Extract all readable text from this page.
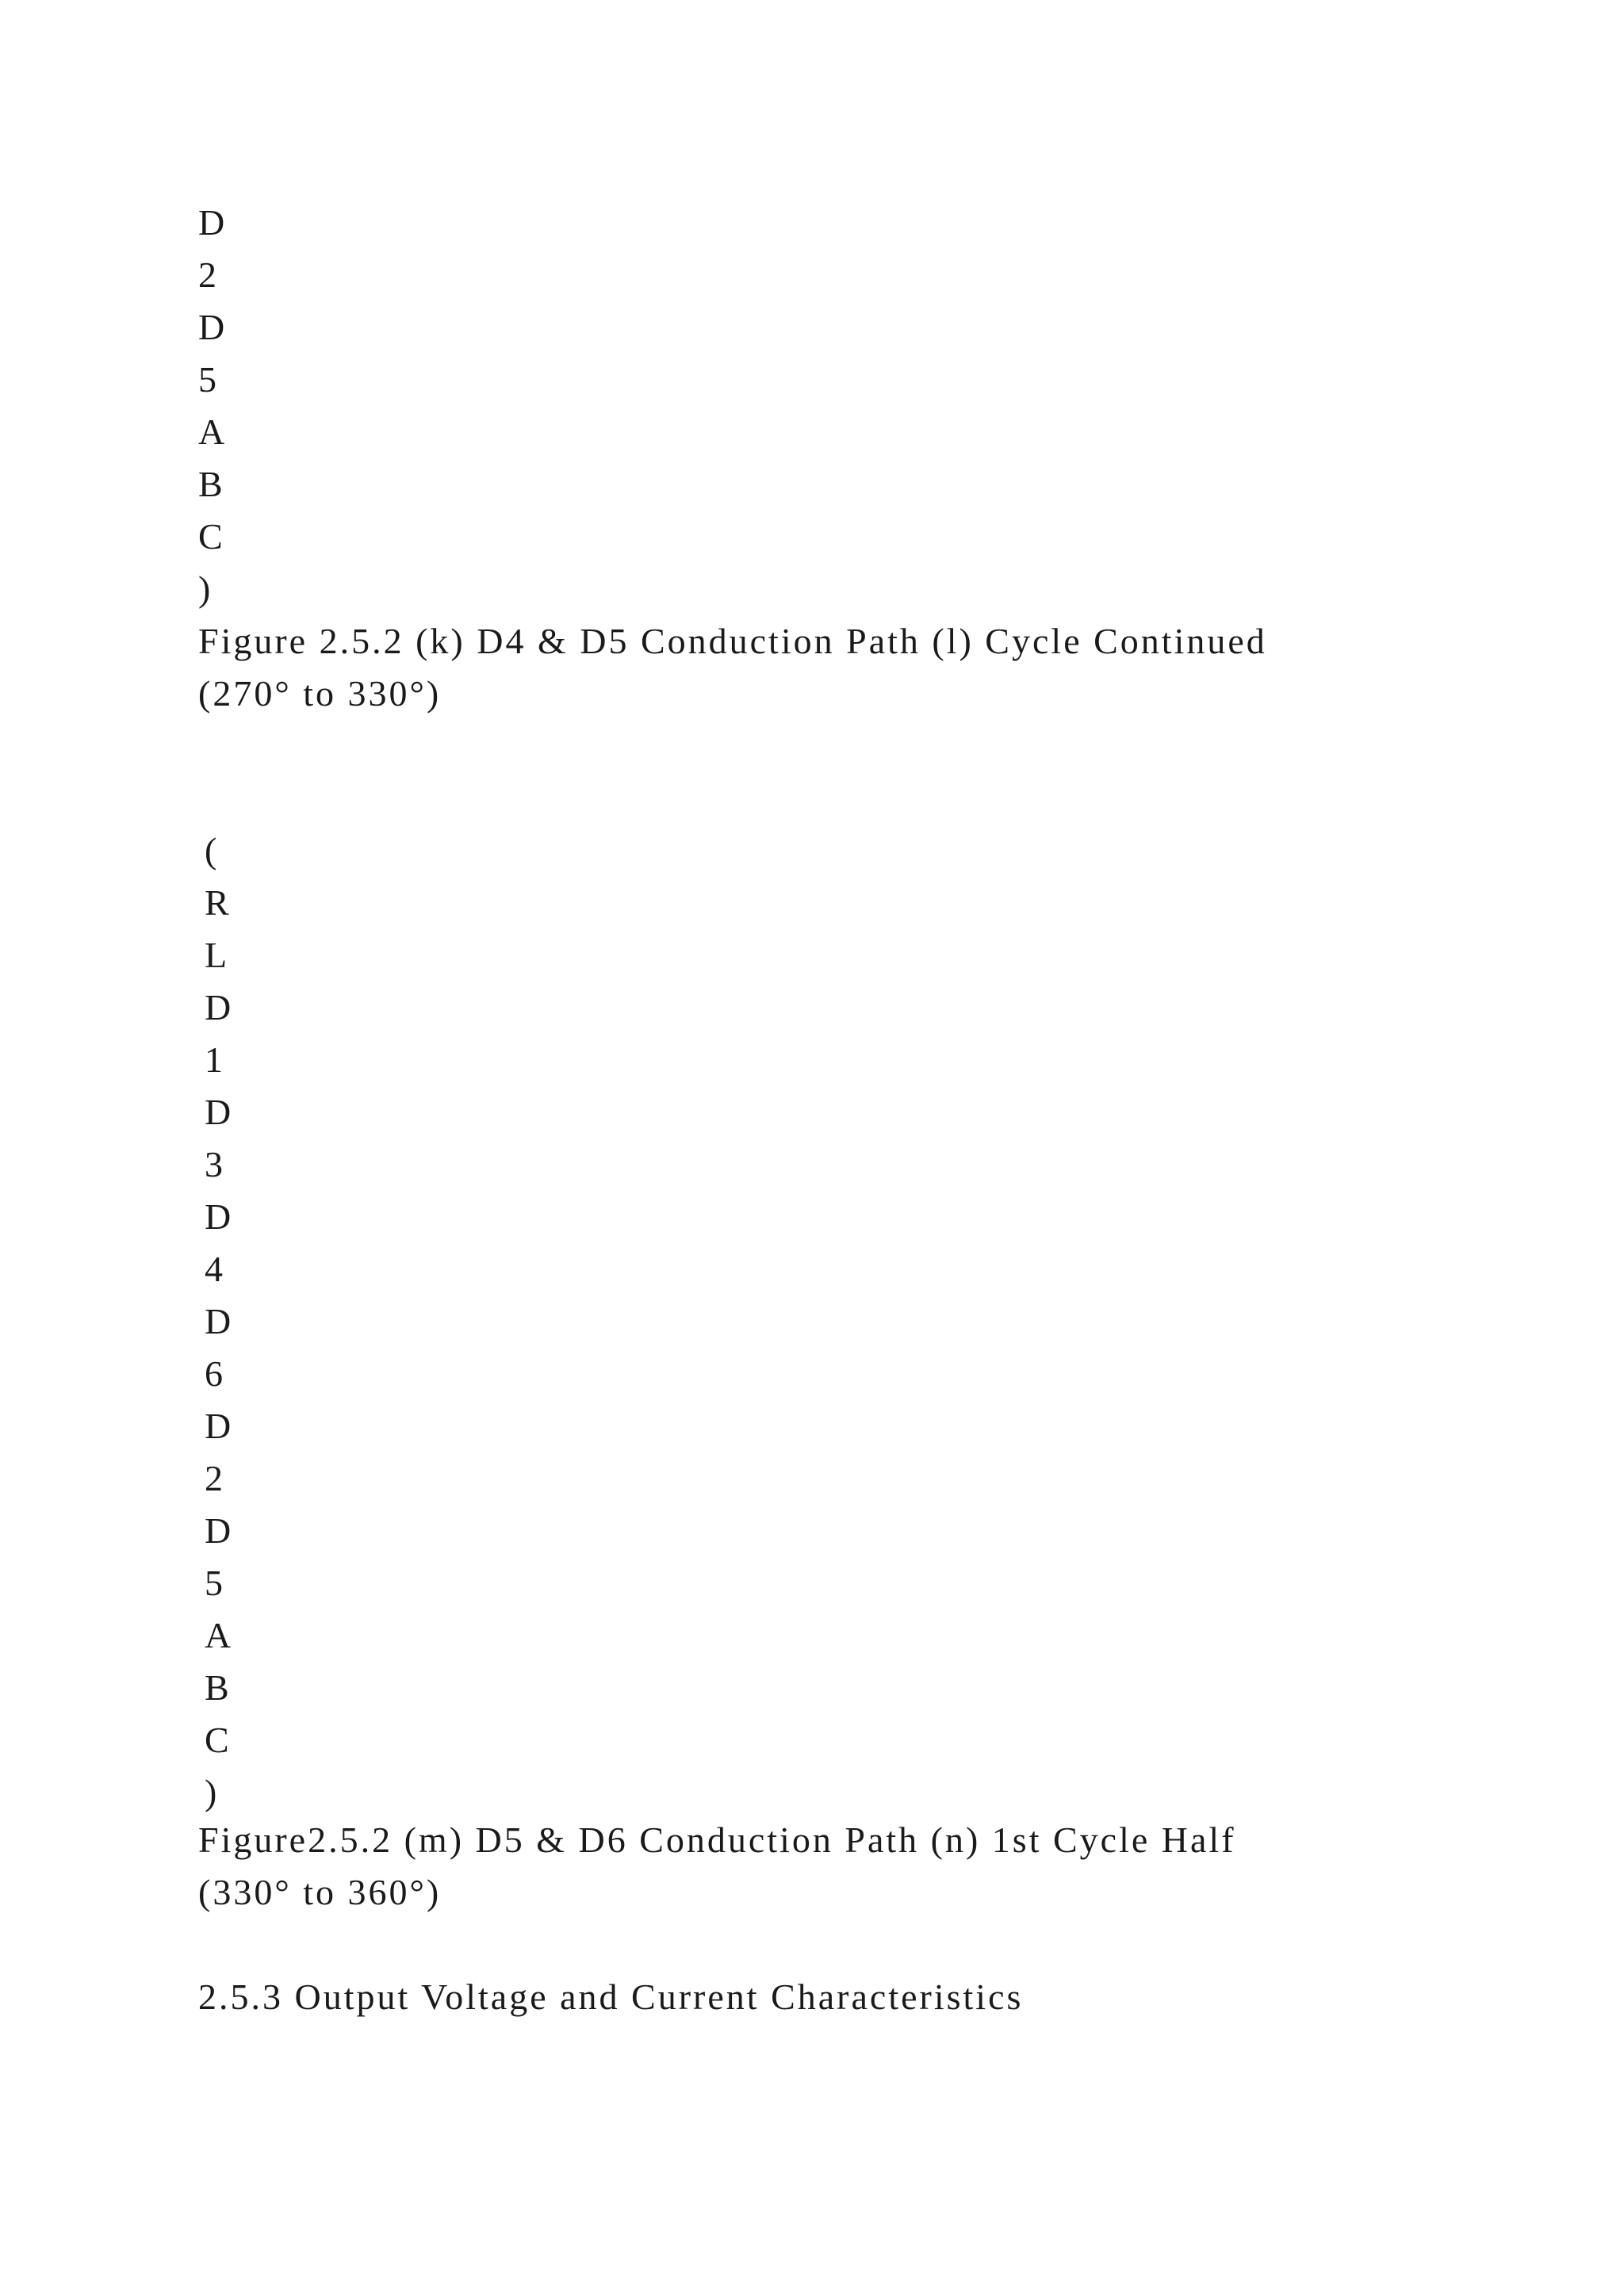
D
2
D
5
A
B
C
)

Figure 2.5.2 (k) D4 & D5 Conduction Path (l) Cycle Continued
(270° to 330°)

(
R
L
D
1
D
3
D
4
D
6
D
2
D
5
A
B
C
)

Figure2.5.2 (m) D5 & D6 Conduction Path (n) 1st Cycle Half
(330° to 360°)

2.5.3 Output Voltage and Current Characteristics
